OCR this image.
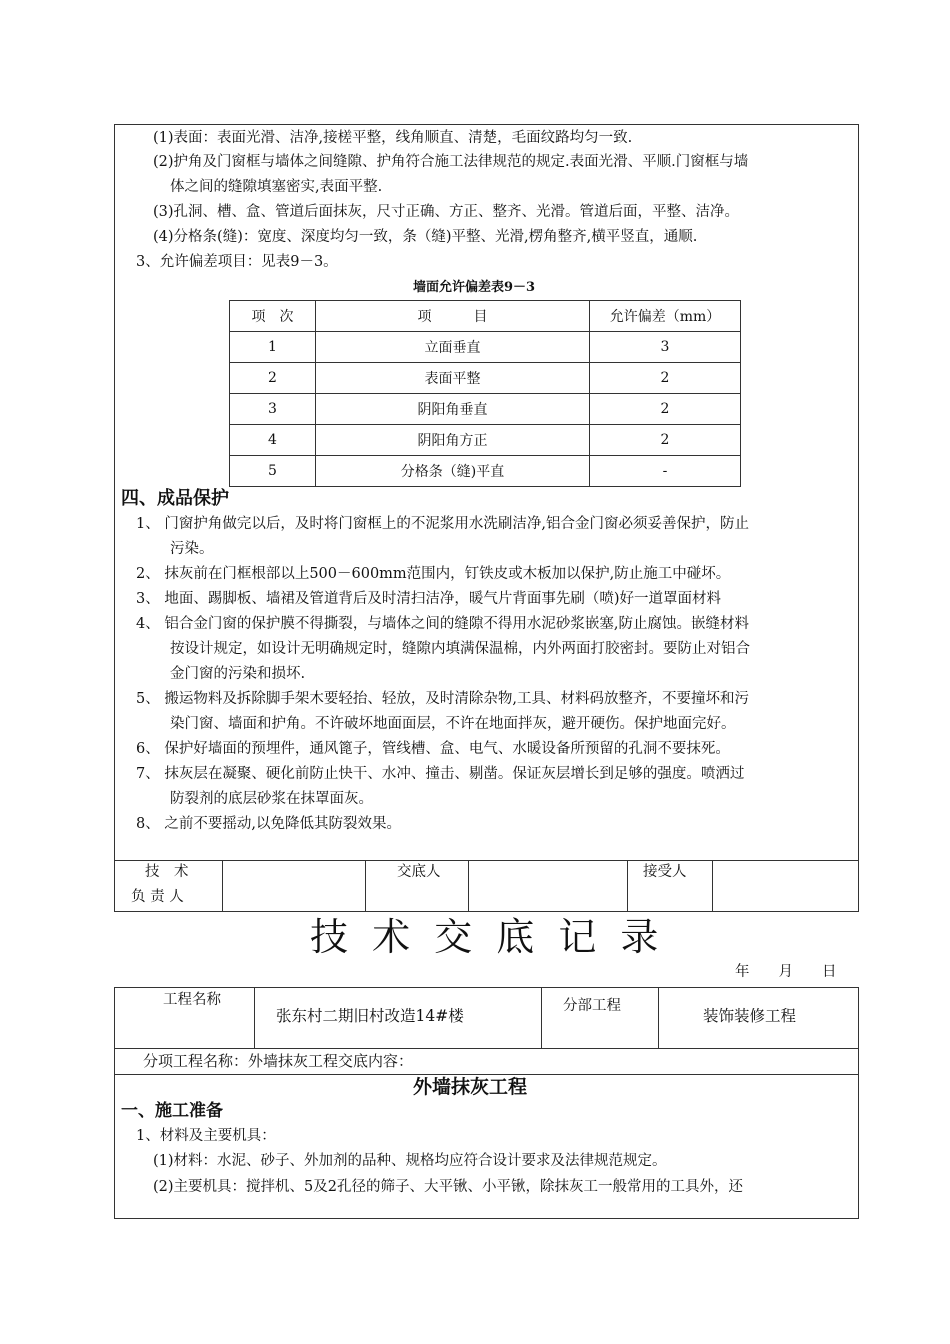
(1)表面：表面光滑、洁净,接槎平整，线角顺直、清楚，毛面纹路均匀一致.
(2)护角及门窗框与墙体之间缝隙、护角符合施工法律规范的规定.表面光滑、平顺.门窗框与墙
体之间的缝隙填塞密实,表面平整.
(3)孔洞、槽、盒、管道后面抹灰，尺寸正确、方正、整齐、光滑。管道后面，平整、洁净。
(4)分格条(缝)：宽度、深度均匀一致，条（缝)平整、光滑,楞角整齐,横平竖直，通顺.
3、允许偏差项目：见表9－3。
墙面允许偏差表9－3
项　次	项　　　目	允许偏差（mm）
1	立面垂直	3
2	表面平整	2
3	阴阳角垂直	2
4	阴阳角方正	2
5	分格条（缝)平直	-
四、成品保护
1、 门窗护角做完以后，及时将门窗框上的不泥浆用水洗刷洁净,铝合金门窗必须妥善保护，防止
污染。
2、 抹灰前在门框根部以上500－600mm范围内，钉铁皮或木板加以保护,防止施工中碰坏。
3、 地面、踢脚板、墙裙及管道背后及时清扫洁净，暖气片背面事先刷（喷)好一道罩面材料
4、 铝合金门窗的保护膜不得撕裂，与墙体之间的缝隙不得用水泥砂浆嵌塞,防止腐蚀。嵌缝材料
按设计规定，如设计无明确规定时，缝隙内填满保温棉，内外两面打胶密封。要防止对铝合
金门窗的污染和损坏.
5、 搬运物料及拆除脚手架木要轻抬、轻放，及时清除杂物,工具、材料码放整齐，不要撞坏和污
染门窗、墙面和护角。不许破坏地面面层，不许在地面拌灰，避开硬伤。保护地面完好。
6、 保护好墙面的预埋件，通风篦子，管线槽、盒、电气、水暖设备所预留的孔洞不要抹死。
7、 抹灰层在凝聚、硬化前防止快干、水冲、撞击、剔凿。保证灰层增长到足够的强度。喷洒过
防裂剂的底层砂浆在抹罩面灰。
8、 之前不要摇动,以免降低其防裂效果。
技　术
负 责 人
交底人	接受人
技 术 交 底 记 录
年　　月　　日
工程名称
张东村二期旧村改造14#楼
分部工程
装饰装修工程
分项工程名称：外墙抹灰工程交底内容：
外墙抹灰工程
一、施工准备
1、材料及主要机具：
(1)材料：水泥、砂子、外加剂的品种、规格均应符合设计要求及法律规范规定。
(2)主要机具：搅拌机、5及2孔径的筛子、大平锹、小平锹，除抹灰工一般常用的工具外，还
